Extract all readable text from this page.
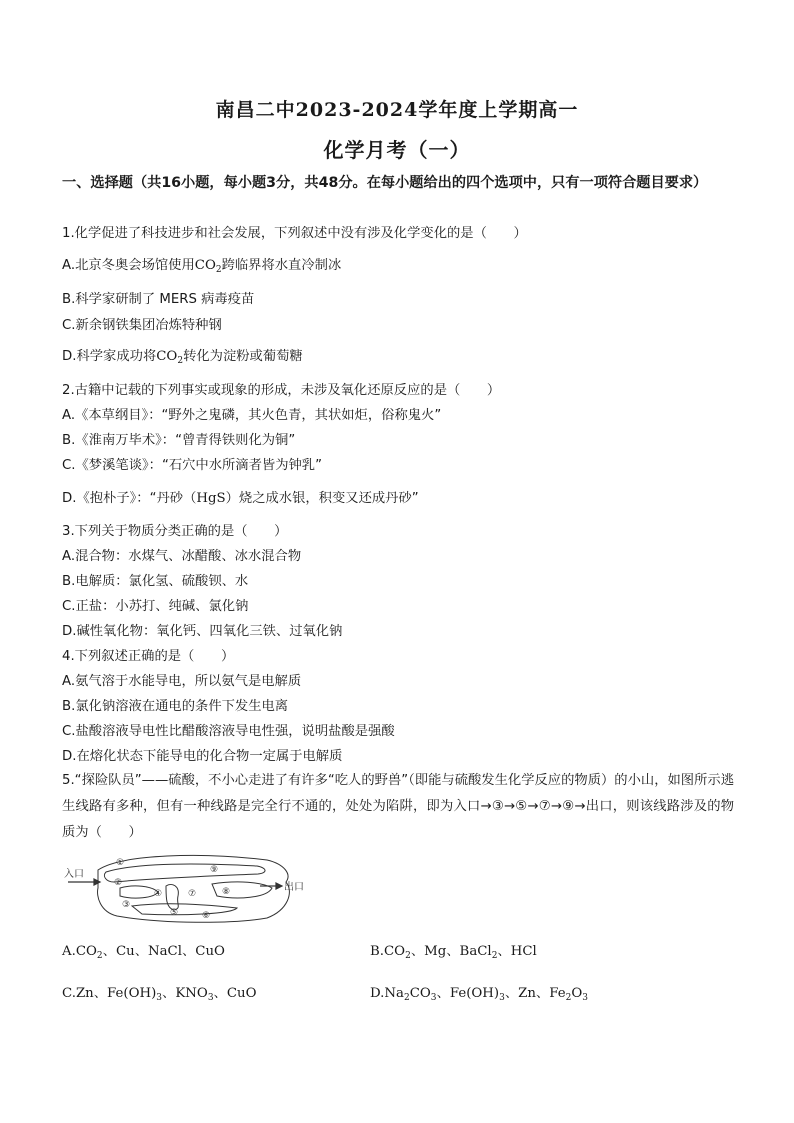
南昌二中2023-2024学年度上学期高一
化学月考（一）
一、选择题（共16小题，每小题3分，共48分。在每小题给出的四个选项中，只有一项符合题目要求）
1.化学促进了科技进步和社会发展，下列叙述中没有涉及化学变化的是（　　）
A.北京冬奥会场馆使用$CO_2$跨临界将水直冷制冰
B.科学家研制了 MERS 病毒疫苗
C.新余钢铁集团冶炼特种钢
D.科学家成功将$CO_2$转化为淀粉或葡萄糖
2.古籍中记载的下列事实或现象的形成，未涉及氧化还原反应的是（　　）
A.《本草纲目》：“野外之鬼磷，其火色青，其状如炬，俗称鬼火”
B.《淮南万毕术》：“曾青得铁则化为铜”
C.《梦溪笔谈》：“石穴中水所滴者皆为钟乳”
D.《抱朴子》：“丹砂（HgS）烧之成水银，积变又还成丹砂”
3.下列关于物质分类正确的是（　　）
A.混合物：水煤气、冰醋酸、冰水混合物
B.电解质：氯化氢、硫酸钡、水
C.正盐：小苏打、纯碱、氯化钠
D.碱性氧化物：氧化钙、四氧化三铁、过氧化钠
4.下列叙述正确的是（　　）
A.氨气溶于水能导电，所以氨气是电解质
B.氯化钠溶液在通电的条件下发生电离
C.盐酸溶液导电性比醋酸溶液导电性强，说明盐酸是强酸
D.在熔化状态下能导电的化合物一定属于电解质
5.“探险队员”——硫酸，不小心走进了有许多“吃人的野兽”（即能与硫酸发生化学反应的物质）的小山，如图所示逃生线路有多种，但有一种线路是完全行不通的，处处为陷阱，即为入口→③→⑤→⑦→⑨→出口，则该线路涉及的物质为（　　）
入口
出口
①
②
③
④
⑤	⑥
⑦	⑧
⑨
$A.CO_2$、Cu、NaCl、CuO	$B.CO_2$、Mg、BaCl$_2$、HCl
C.Zn、$Fe(OH)_3$、$KNO_3$、CuO	$D.Na_2CO_3$、$Fe(OH)_3$、Zn、$Fe_2O_3$
